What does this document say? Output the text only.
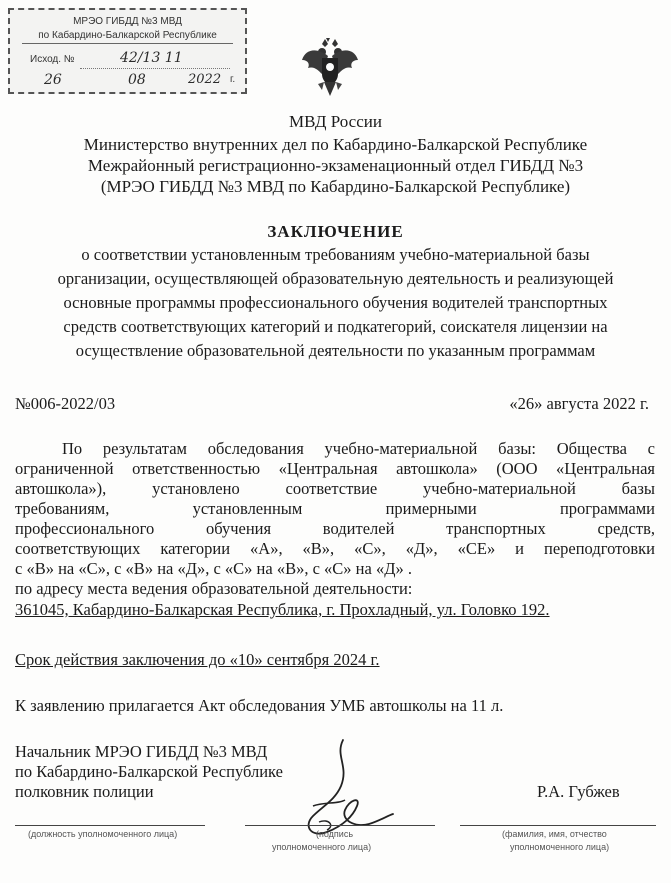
МРЭО ГИБДД №3 МВД
по Кабардино-Балкарской Республике
Исход. №	42/13 11
26	08	2022 г.
МВД России
Министерство внутренних дел по Кабардино-Балкарской Республике
Межрайонный регистрационно-экзаменационный отдел ГИБДД №3
(МРЭО ГИБДД №3 МВД по Кабардино-Балкарской Республике)
ЗАКЛЮЧЕНИЕ
о соответствии установленным требованиям учебно-материальной базы
организации, осуществляющей образовательную деятельность и реализующей
основные программы профессионального обучения водителей транспортных
средств соответствующих категорий и подкатегорий, соискателя лицензии на
осуществление образовательной деятельности по указанным программам
№006-2022/03	«26» августа 2022 г.
По результатам обследования учебно-материальной базы: Общества с
ограниченной ответственностью «Центральная автошкола» (ООО «Центральная
автошкола»), установлено соответствие учебно-материальной базы
требованиям, установленным примерными программами
профессионального обучения водителей транспортных средств,
соответствующих категории «А», «В», «С», «Д», «СЕ» и переподготовки
с «В» на «С», с «В» на «Д», с «С» на «В», с «С» на «Д» .
по адресу места ведения образовательной деятельности:
361045, Кабардино-Балкарская Республика, г. Прохладный, ул. Головко 192.
Срок действия заключения до «10» сентября 2024 г.
К заявлению прилагается Акт обследования УМБ автошколы на 11 л.
Начальник МРЭО ГИБДД №3 МВД
по Кабардино-Балкарской Республике
полковник полиции	Р.А. Губжев
(должность уполномоченного лица)	(подпись
уполномоченного лица)
(фамилия, имя, отчество
уполномоченного лица)
